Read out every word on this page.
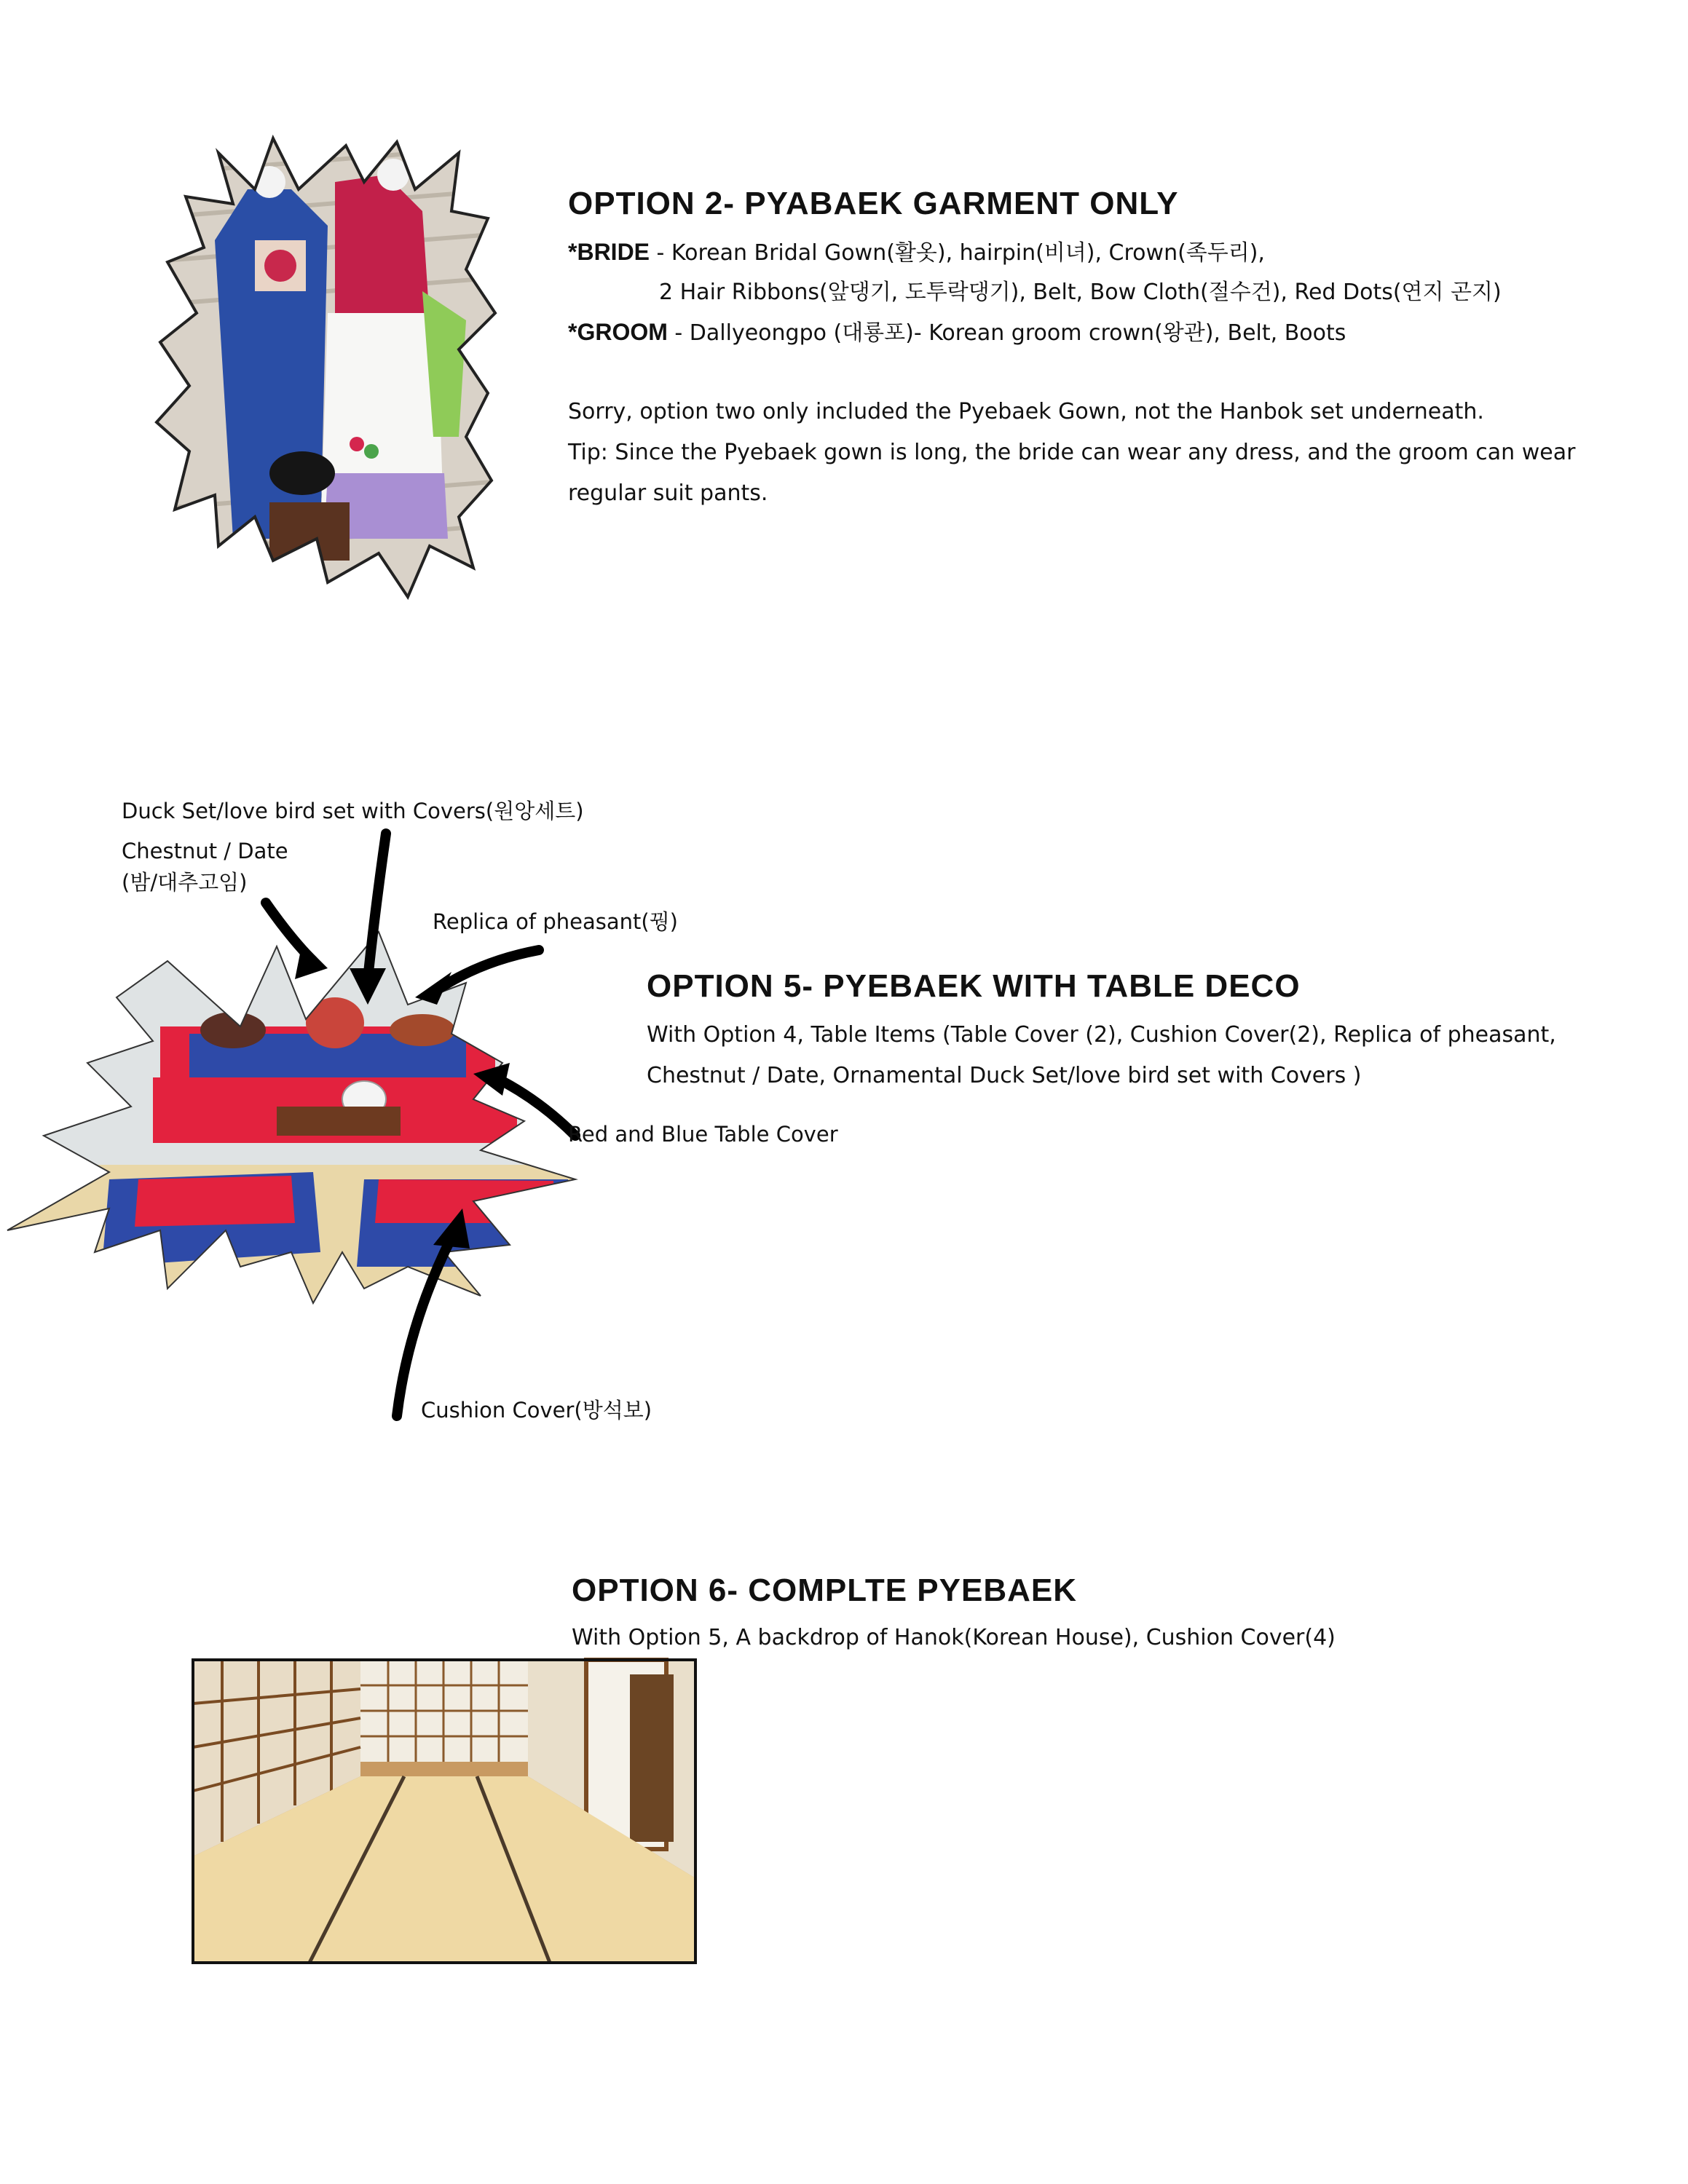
OPTION 2- PYABAEK GARMENT ONLY
*BRIDE - Korean Bridal Gown(활옷), hairpin(비녀), Crown(족두리),
2 Hair Ribbons(앞댕기, 도투락댕기), Belt, Bow Cloth(절수건), Red Dots(연지 곤지)
*GROOM - Dallyeongpo (대룡포)- Korean groom crown(왕관), Belt, Boots
Sorry, option two only included the Pyebaek Gown, not the Hanbok set underneath.
Tip: Since the Pyebaek gown is long, the bride can wear any dress, and the groom can wear
regular suit pants.
Duck Set/love bird set with Covers(원앙세트)
Chestnut / Date
(밤/대추고임)
Replica of pheasant(꿩)
Red and Blue Table Cover
Cushion Cover(방석보)
OPTION 5- PYEBAEK WITH TABLE DECO
With Option 4, Table Items (Table Cover (2), Cushion Cover(2), Replica of pheasant,
Chestnut / Date, Ornamental Duck Set/love bird set with Covers )
OPTION 6- COMPLTE PYEBAEK
With Option 5, A backdrop of Hanok(Korean House), Cushion Cover(4)
